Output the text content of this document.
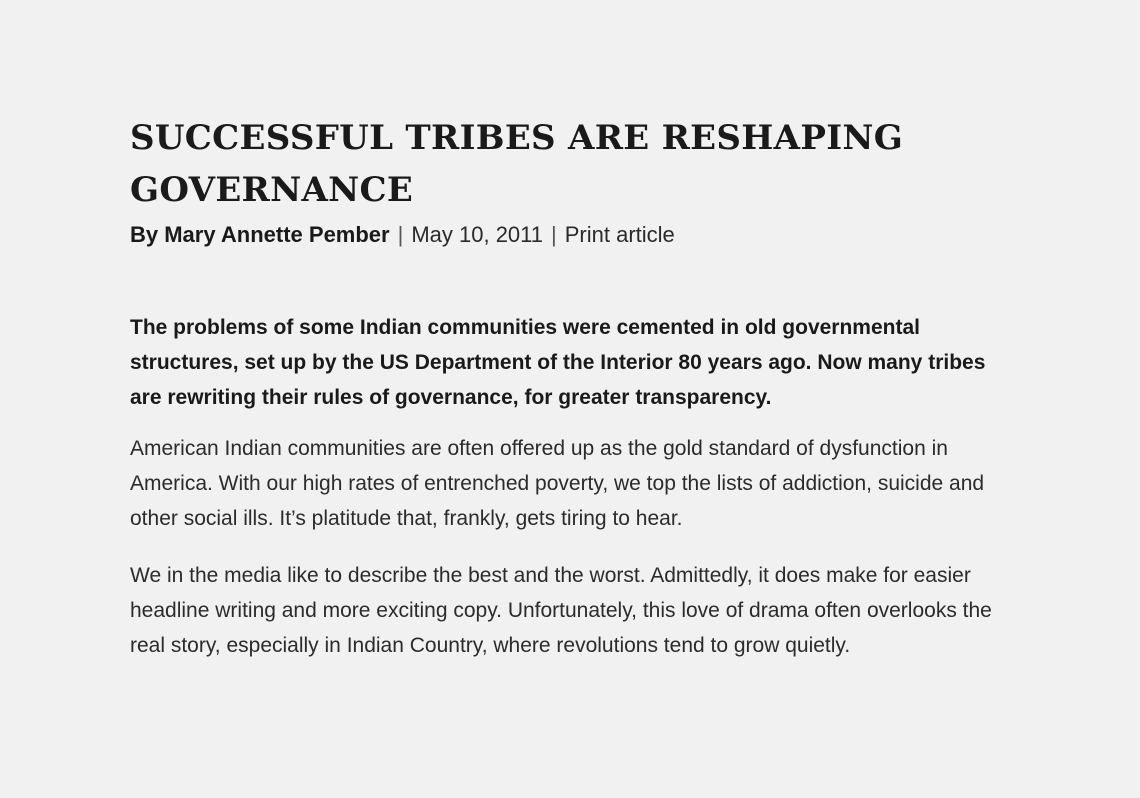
SUCCESSFUL TRIBES ARE RESHAPING GOVERNANCE
By Mary Annette Pember | May 10, 2011 | Print article

The problems of some Indian communities were cemented in old governmental structures, set up by the US Department of the Interior 80 years ago. Now many tribes are rewriting their rules of governance, for greater transparency.

American Indian communities are often offered up as the gold standard of dysfunction in America. With our high rates of entrenched poverty, we top the lists of addiction, suicide and other social ills. It’s platitude that, frankly, gets tiring to hear.

We in the media like to describe the best and the worst. Admittedly, it does make for easier headline writing and more exciting copy. Unfortunately, this love of drama often overlooks the real story, especially in Indian Country, where revolutions tend to grow quietly.
